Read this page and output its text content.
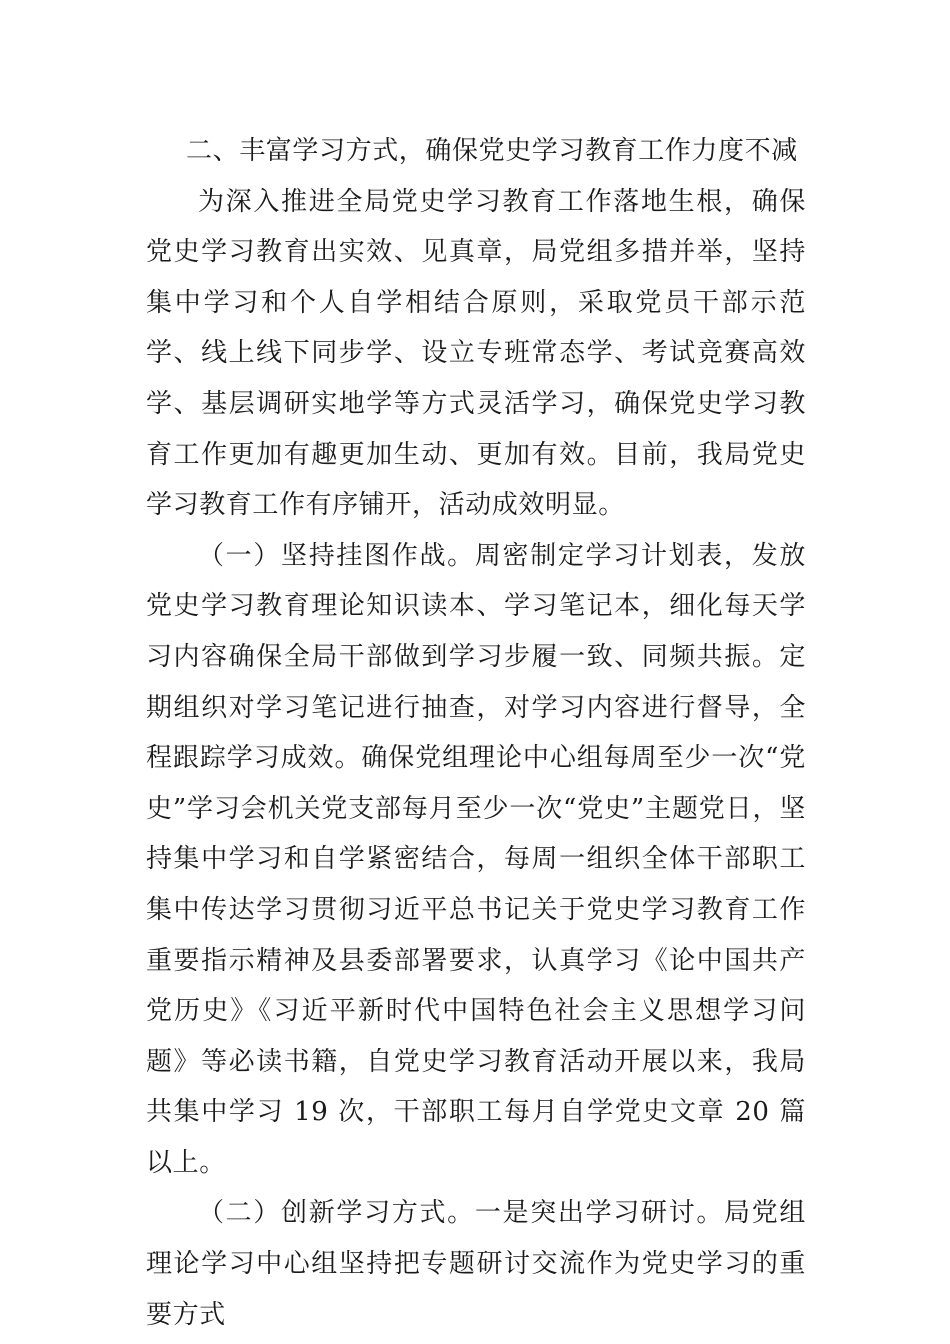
二、丰富学习方式，确保党史学习教育工作力度不减

为深入推进全局党史学习教育工作落地生根，确保党史学习教育出实效、见真章，局党组多措并举，坚持集中学习和个人自学相结合原则，采取党员干部示范学、线上线下同步学、设立专班常态学、考试竞赛高效学、基层调研实地学等方式灵活学习，确保党史学习教育工作更加有趣更加生动、更加有效。目前，我局党史学习教育工作有序铺开，活动成效明显。

（一）坚持挂图作战。周密制定学习计划表，发放党史学习教育理论知识读本、学习笔记本，细化每天学习内容确保全局干部做到学习步履一致、同频共振。定期组织对学习笔记进行抽查，对学习内容进行督导，全程跟踪学习成效。确保党组理论中心组每周至少一次“党史”学习会机关党支部每月至少一次“党史”主题党日，坚持集中学习和自学紧密结合，每周一组织全体干部职工集中传达学习贯彻习近平总书记关于党史学习教育工作重要指示精神及县委部署要求，认真学习《论中国共产党历史》《习近平新时代中国特色社会主义思想学习问题》等必读书籍，自党史学习教育活动开展以来，我局共集中学习 19 次，干部职工每月自学党史文章 20 篇以上。

（二）创新学习方式。一是突出学习研讨。局党组理论学习中心组坚持把专题研讨交流作为党史学习的重要方式
